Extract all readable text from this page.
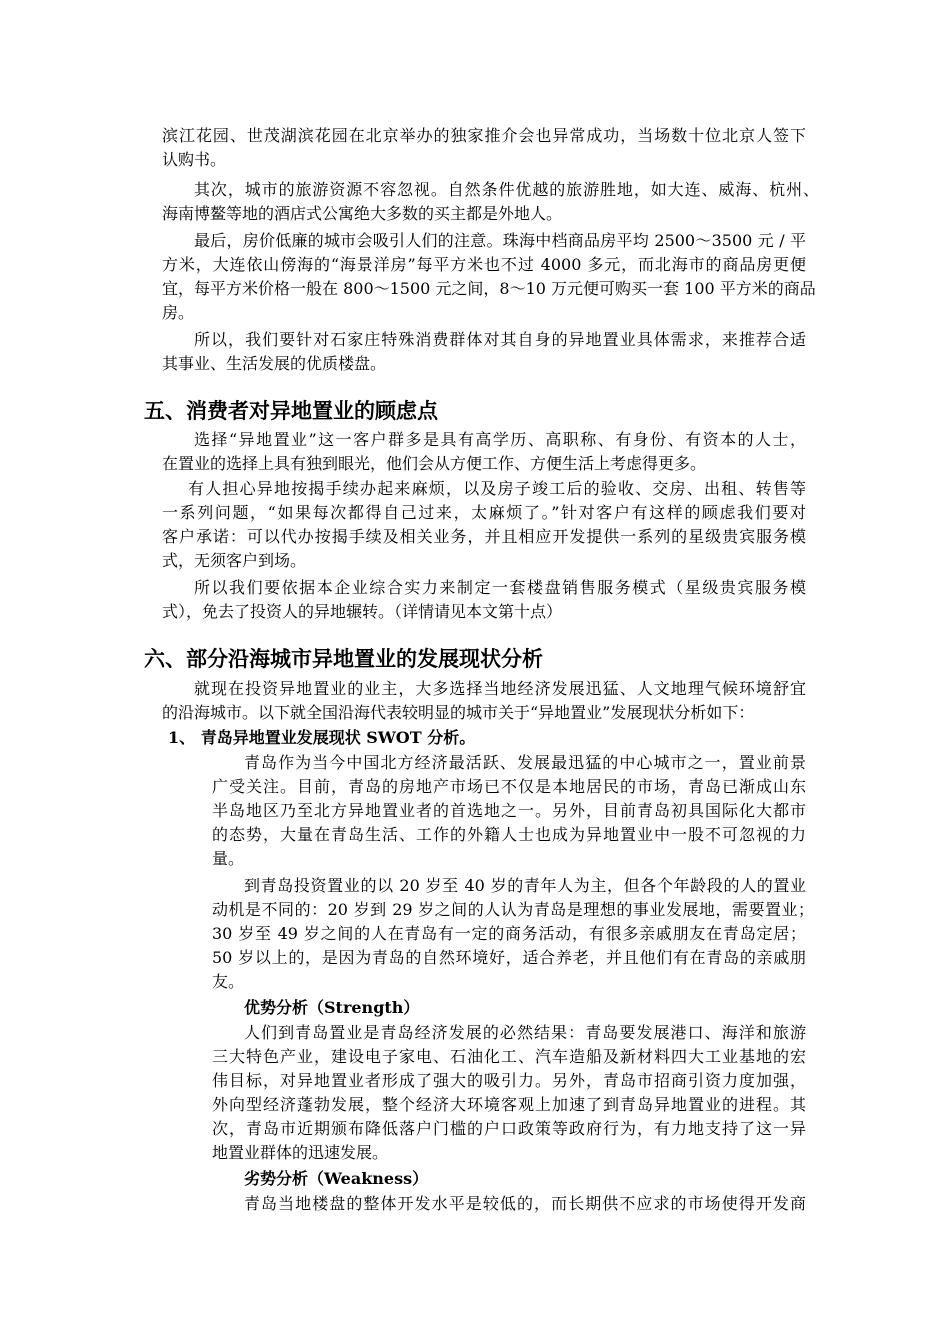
滨江花园、世茂湖滨花园在北京举办的独家推介会也异常成功，当场数十位北京人签下
认购书。
其次，城市的旅游资源不容忽视。自然条件优越的旅游胜地，如大连、威海、杭州、
海南博鳌等地的酒店式公寓绝大多数的买主都是外地人。
最后，房价低廉的城市会吸引人们的注意。珠海中档商品房平均 2500～3500 元 / 平
方米，大连依山傍海的“海景洋房”每平方米也不过 4000 多元，而北海市的商品房更便
宜，每平方米价格一般在 800～1500 元之间，8～10 万元便可购买一套 100 平方米的商品
房。
所以，我们要针对石家庄特殊消费群体对其自身的异地置业具体需求，来推荐合适
其事业、生活发展的优质楼盘。
五、消费者对异地置业的顾虑点
选择“异地置业”这一客户群多是具有高学历、高职称、有身份、有资本的人士，
在置业的选择上具有独到眼光，他们会从方便工作、方便生活上考虑得更多。
有人担心异地按揭手续办起来麻烦，以及房子竣工后的验收、交房、出租、转售等
一系列问题，“如果每次都得自己过来，太麻烦了。”针对客户有这样的顾虑我们要对
客户承诺：可以代办按揭手续及相关业务，并且相应开发提供一系列的星级贵宾服务模
式，无须客户到场。
所以我们要依据本企业综合实力来制定一套楼盘销售服务模式（星级贵宾服务模
式），免去了投资人的异地辗转。（详情请见本文第十点）
六、部分沿海城市异地置业的发展现状分析
就现在投资异地置业的业主，大多选择当地经济发展迅猛、人文地理气候环境舒宜
的沿海城市。以下就全国沿海代表较明显的城市关于“异地置业”发展现状分析如下：
1、 青岛异地置业发展现状 SWOT 分析。
青岛作为当今中国北方经济最活跃、发展最迅猛的中心城市之一，置业前景
广受关注。目前，青岛的房地产市场已不仅是本地居民的市场，青岛已渐成山东
半岛地区乃至北方异地置业者的首选地之一。另外，目前青岛初具国际化大都市
的态势，大量在青岛生活、工作的外籍人士也成为异地置业中一股不可忽视的力
量。
到青岛投资置业的以 20 岁至 40 岁的青年人为主，但各个年龄段的人的置业
动机是不同的：20 岁到 29 岁之间的人认为青岛是理想的事业发展地，需要置业；
30 岁至 49 岁之间的人在青岛有一定的商务活动，有很多亲戚朋友在青岛定居；
50 岁以上的，是因为青岛的自然环境好，适合养老，并且他们有在青岛的亲戚朋
友。
优势分析（Strength）
人们到青岛置业是青岛经济发展的必然结果：青岛要发展港口、海洋和旅游
三大特色产业，建设电子家电、石油化工、汽车造船及新材料四大工业基地的宏
伟目标，对异地置业者形成了强大的吸引力。另外，青岛市招商引资力度加强，
外向型经济蓬勃发展，整个经济大环境客观上加速了到青岛异地置业的进程。其
次，青岛市近期颁布降低落户门槛的户口政策等政府行为，有力地支持了这一异
地置业群体的迅速发展。
劣势分析（Weakness）
青岛当地楼盘的整体开发水平是较低的，而长期供不应求的市场使得开发商
